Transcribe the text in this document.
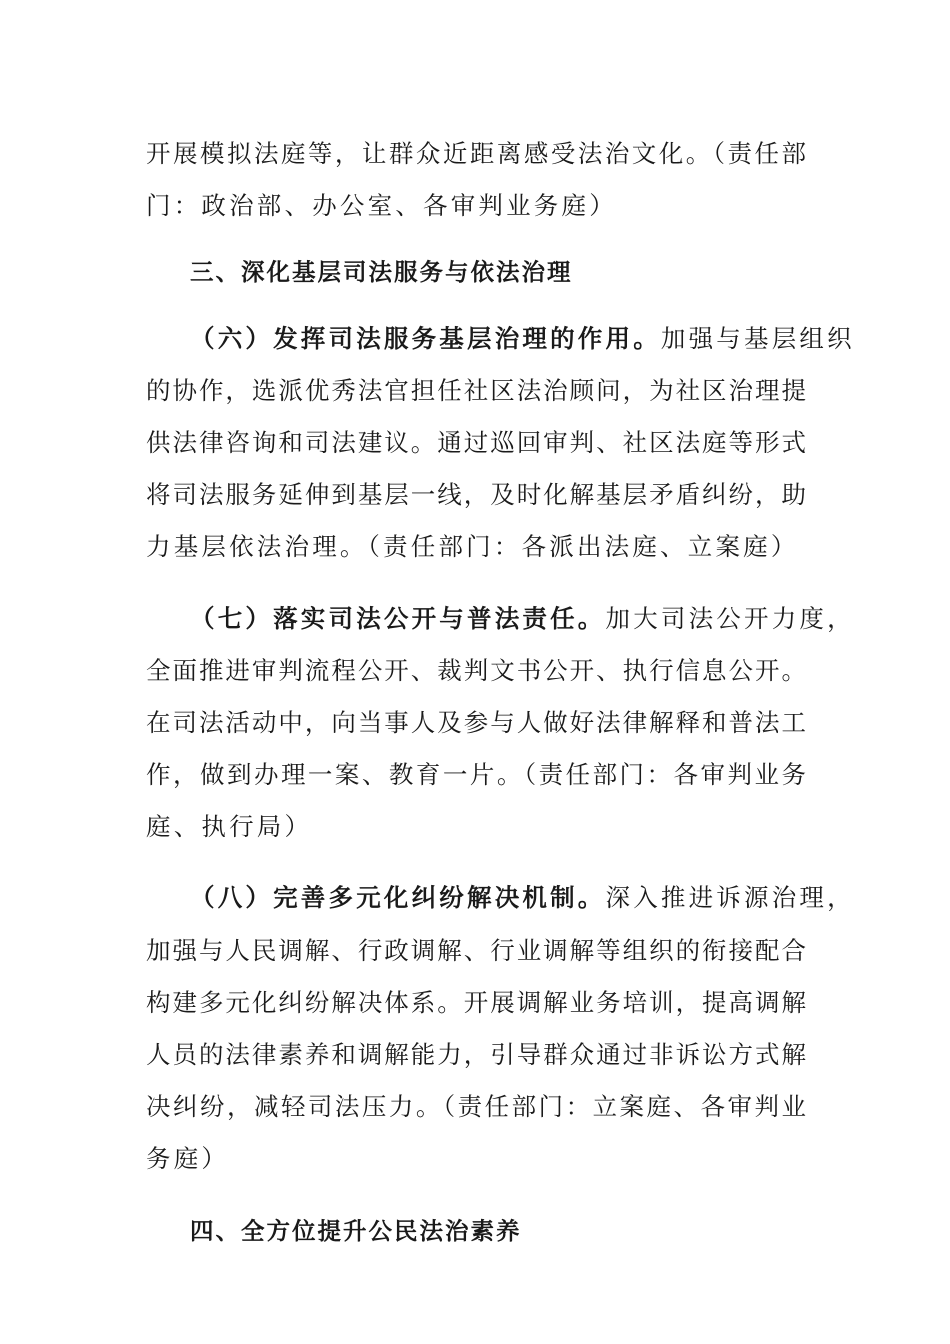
开展模拟法庭等，让群众近距离感受法治文化。（责任部
门：政治部、办公室、各审判业务庭）
三、深化基层司法服务与依法治理
（六）发挥司法服务基层治理的作用。加强与基层组织
的协作，选派优秀法官担任社区法治顾问，为社区治理提
供法律咨询和司法建议。通过巡回审判、社区法庭等形式
将司法服务延伸到基层一线，及时化解基层矛盾纠纷，助
力基层依法治理。（责任部门：各派出法庭、立案庭）
（七）落实司法公开与普法责任。加大司法公开力度，
全面推进审判流程公开、裁判文书公开、执行信息公开。
在司法活动中，向当事人及参与人做好法律解释和普法工
作，做到办理一案、教育一片。（责任部门：各审判业务
庭、执行局）
（八）完善多元化纠纷解决机制。深入推进诉源治理，
加强与人民调解、行政调解、行业调解等组织的衔接配合
构建多元化纠纷解决体系。开展调解业务培训，提高调解
人员的法律素养和调解能力，引导群众通过非诉讼方式解
决纠纷，减轻司法压力。（责任部门：立案庭、各审判业
务庭）
四、全方位提升公民法治素养
